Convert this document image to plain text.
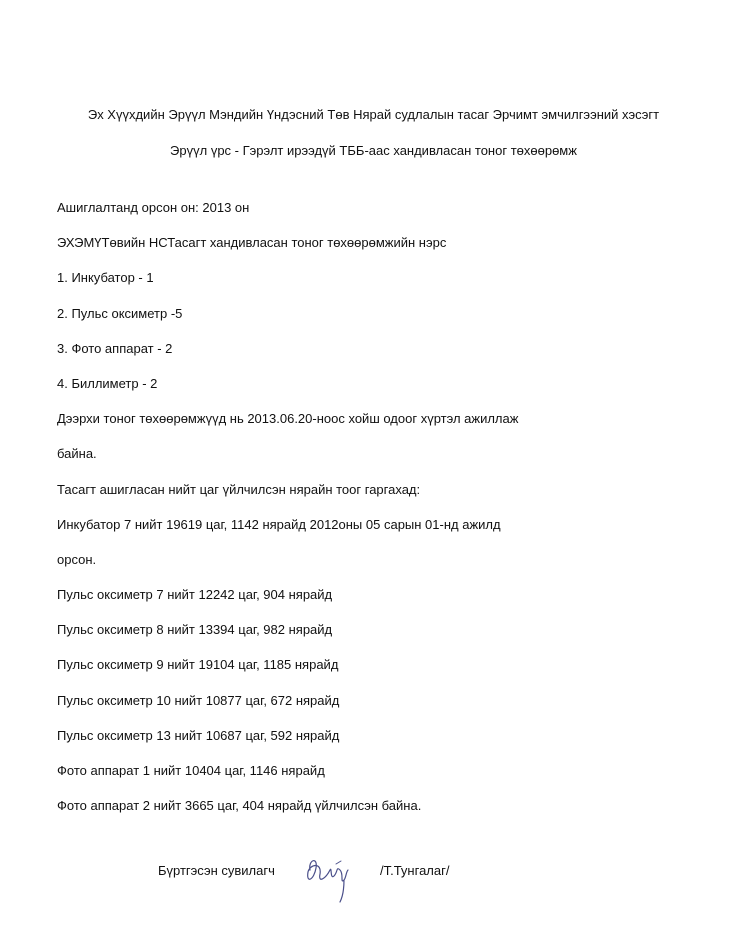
Эх Хүүхдийн Эрүүл Мэндийн Үндэсний Төв Нярай судлалын тасаг Эрчимт эмчилгээний хэсэгт
Эрүүл үрс - Гэрэлт ирээдүй ТББ-аас хандивласан тоног төхөөрөмж
Ашиглалтанд орсон он: 2013 он
ЭХЭМҮТөвийн НСТасагт хандивласан тоног төхөөрөмжийн нэрс
1. Инкубатор - 1
2. Пульс оксиметр -5
3. Фото аппарат - 2
4. Биллиметр - 2
Дээрхи тоног төхөөрөмжүүд нь 2013.06.20-ноос хойш одоог хүртэл ажиллаж
байна.
Тасагт ашигласан нийт цаг үйлчилсэн нярайн тоог гаргахад:
Инкубатор 7 нийт 19619 цаг, 1142 нярайд 2012оны 05 сарын 01-нд ажилд
орсон.
Пульс оксиметр 7 нийт 12242 цаг, 904 нярайд
Пульс оксиметр 8 нийт 13394 цаг, 982 нярайд
Пульс оксиметр 9 нийт 19104 цаг, 1185 нярайд
Пульс оксиметр 10 нийт 10877 цаг, 672 нярайд
Пульс оксиметр 13 нийт 10687 цаг, 592 нярайд
Фото аппарат 1 нийт 10404 цаг, 1146 нярайд
Фото аппарат 2 нийт 3665 цаг, 404 нярайд үйлчилсэн байна.
Бүртгэсэн сувилагч	/Т.Тунгалаг/
